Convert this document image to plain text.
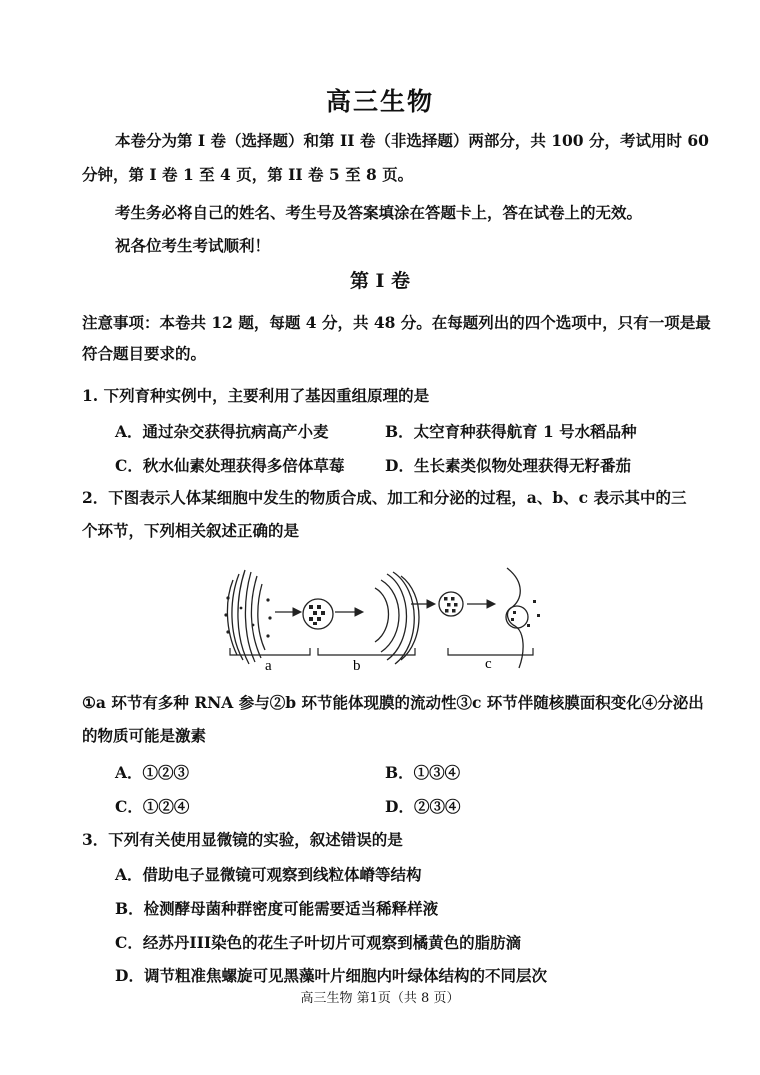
高三生物
本卷分为第 I 卷（选择题）和第 II 卷（非选择题）两部分，共 100 分，考试用时 60
分钟，第 I 卷 1 至 4 页，第 II 卷 5 至 8 页。
考生务必将自己的姓名、考生号及答案填涂在答题卡上，答在试卷上的无效。
祝各位考生考试顺利！
第 I 卷
注意事项：本卷共 12 题，每题 4 分，共 48 分。在每题列出的四个选项中，只有一项是最
符合题目要求的。
1. 下列育种实例中，主要利用了基因重组原理的是
A．通过杂交获得抗病高产小麦	B．太空育种获得航育 1 号水稻品种
C．秋水仙素处理获得多倍体草莓	D．生长素类似物处理获得无籽番茄
2．下图表示人体某细胞中发生的物质合成、加工和分泌的过程，a、b、c 表示其中的三
个环节，下列相关叙述正确的是
a	b	c
①a 环节有多种 RNA 参与②b 环节能体现膜的流动性③c 环节伴随核膜面积变化④分泌出
的物质可能是激素
A．①②③	B．①③④
C．①②④	D．②③④
3．下列有关使用显微镜的实验，叙述错误的是
A．借助电子显微镜可观察到线粒体嵴等结构
B．检测酵母菌种群密度可能需要适当稀释样液
C．经苏丹III染色的花生子叶切片可观察到橘黄色的脂肪滴
D．调节粗准焦螺旋可见黑藻叶片细胞内叶绿体结构的不同层次
高三生物 第1页（共 8 页）
